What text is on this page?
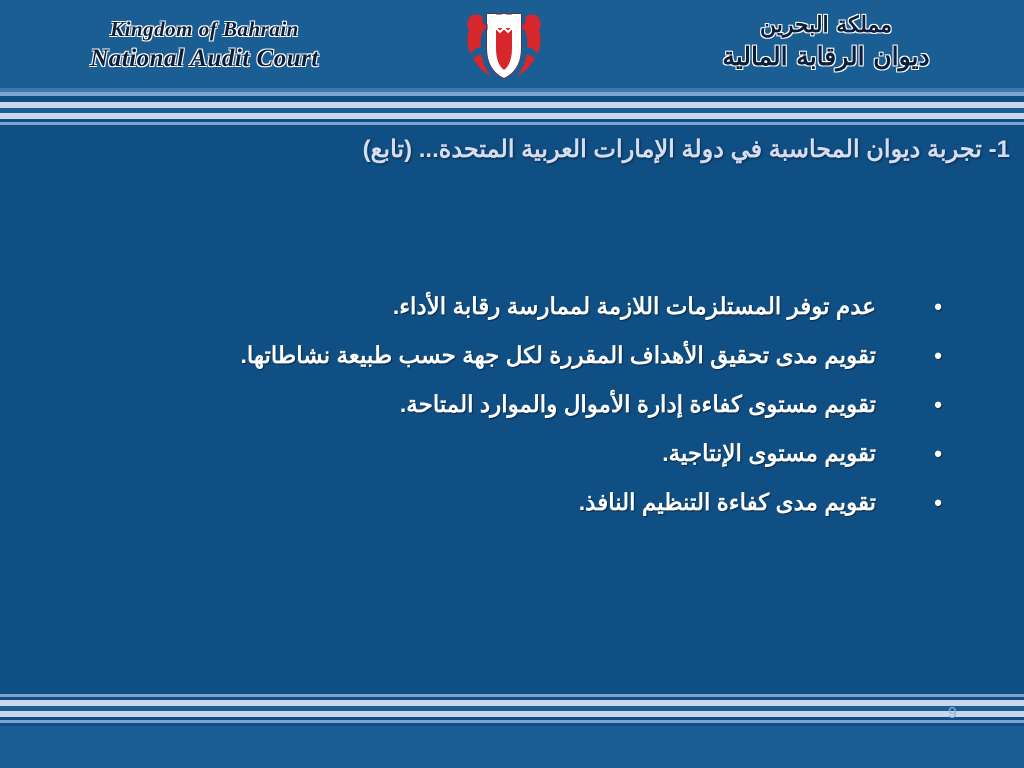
Kingdom of Bahrain
National Audit Court
مملكة البحرين
ديوان الرقابة المالية
1- تجربة ديوان المحاسبة في دولة الإمارات العربية المتحدة... (تابع)
•
عدم توفر المستلزمات اللازمة لممارسة رقابة الأداء.
•
تقويم مدى تحقيق الأهداف المقررة لكل جهة حسب طبيعة نشاطاتها.
•
تقويم مستوى كفاءة إدارة الأموال والموارد المتاحة.
•
تقويم مستوى الإنتاجية.
•
تقويم مدى كفاءة التنظيم النافذ.
9
